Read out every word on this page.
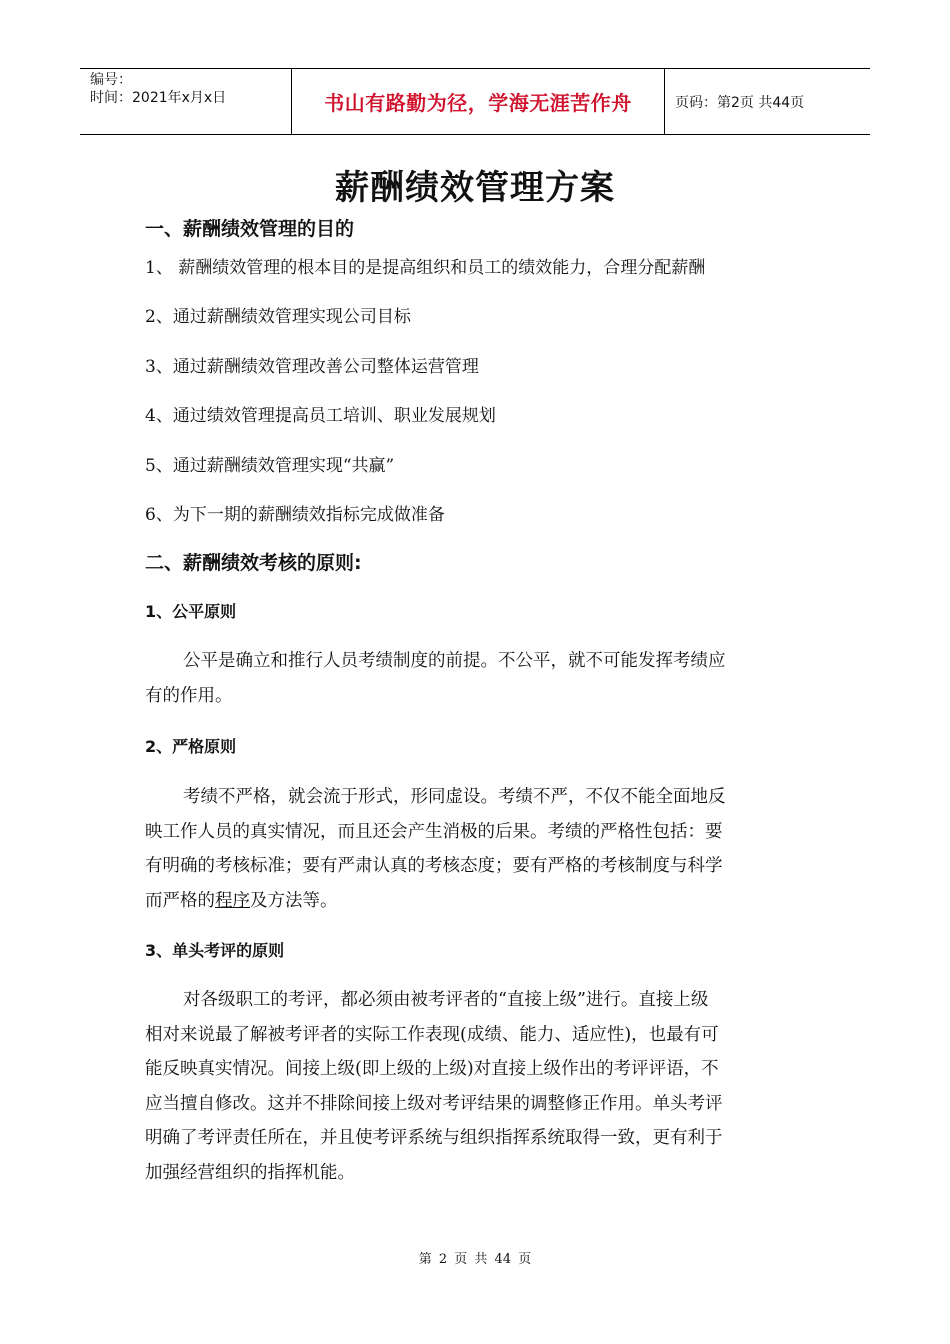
编号：
时间：2021年x月x日	书山有路勤为径，学海无涯苦作舟	页码：第2页 共44页
薪酬绩效管理方案
一、薪酬绩效管理的目的
1、 薪酬绩效管理的根本目的是提高组织和员工的绩效能力，合理分配薪酬
2、通过薪酬绩效管理实现公司目标
3、通过薪酬绩效管理改善公司整体运营管理
4、通过绩效管理提高员工培训、职业发展规划
5、通过薪酬绩效管理实现“共赢”
6、为下一期的薪酬绩效指标完成做准备
二、薪酬绩效考核的原则:
1、公平原则
公平是确立和推行人员考绩制度的前提。不公平，就不可能发挥考绩应
有的作用。
2、严格原则
考绩不严格，就会流于形式，形同虚设。考绩不严，不仅不能全面地反
映工作人员的真实情况，而且还会产生消极的后果。考绩的严格性包括：要
有明确的考核标准；要有严肃认真的考核态度；要有严格的考核制度与科学
而严格的程序及方法等。
3、单头考评的原则
对各级职工的考评，都必须由被考评者的“直接上级”进行。直接上级
相对来说最了解被考评者的实际工作表现(成绩、能力、适应性)，也最有可
能反映真实情况。间接上级(即上级的上级)对直接上级作出的考评评语，不
应当擅自修改。这并不排除间接上级对考评结果的调整修正作用。单头考评
明确了考评责任所在，并且使考评系统与组织指挥系统取得一致，更有利于
加强经营组织的指挥机能。
第 2 页 共 44 页
